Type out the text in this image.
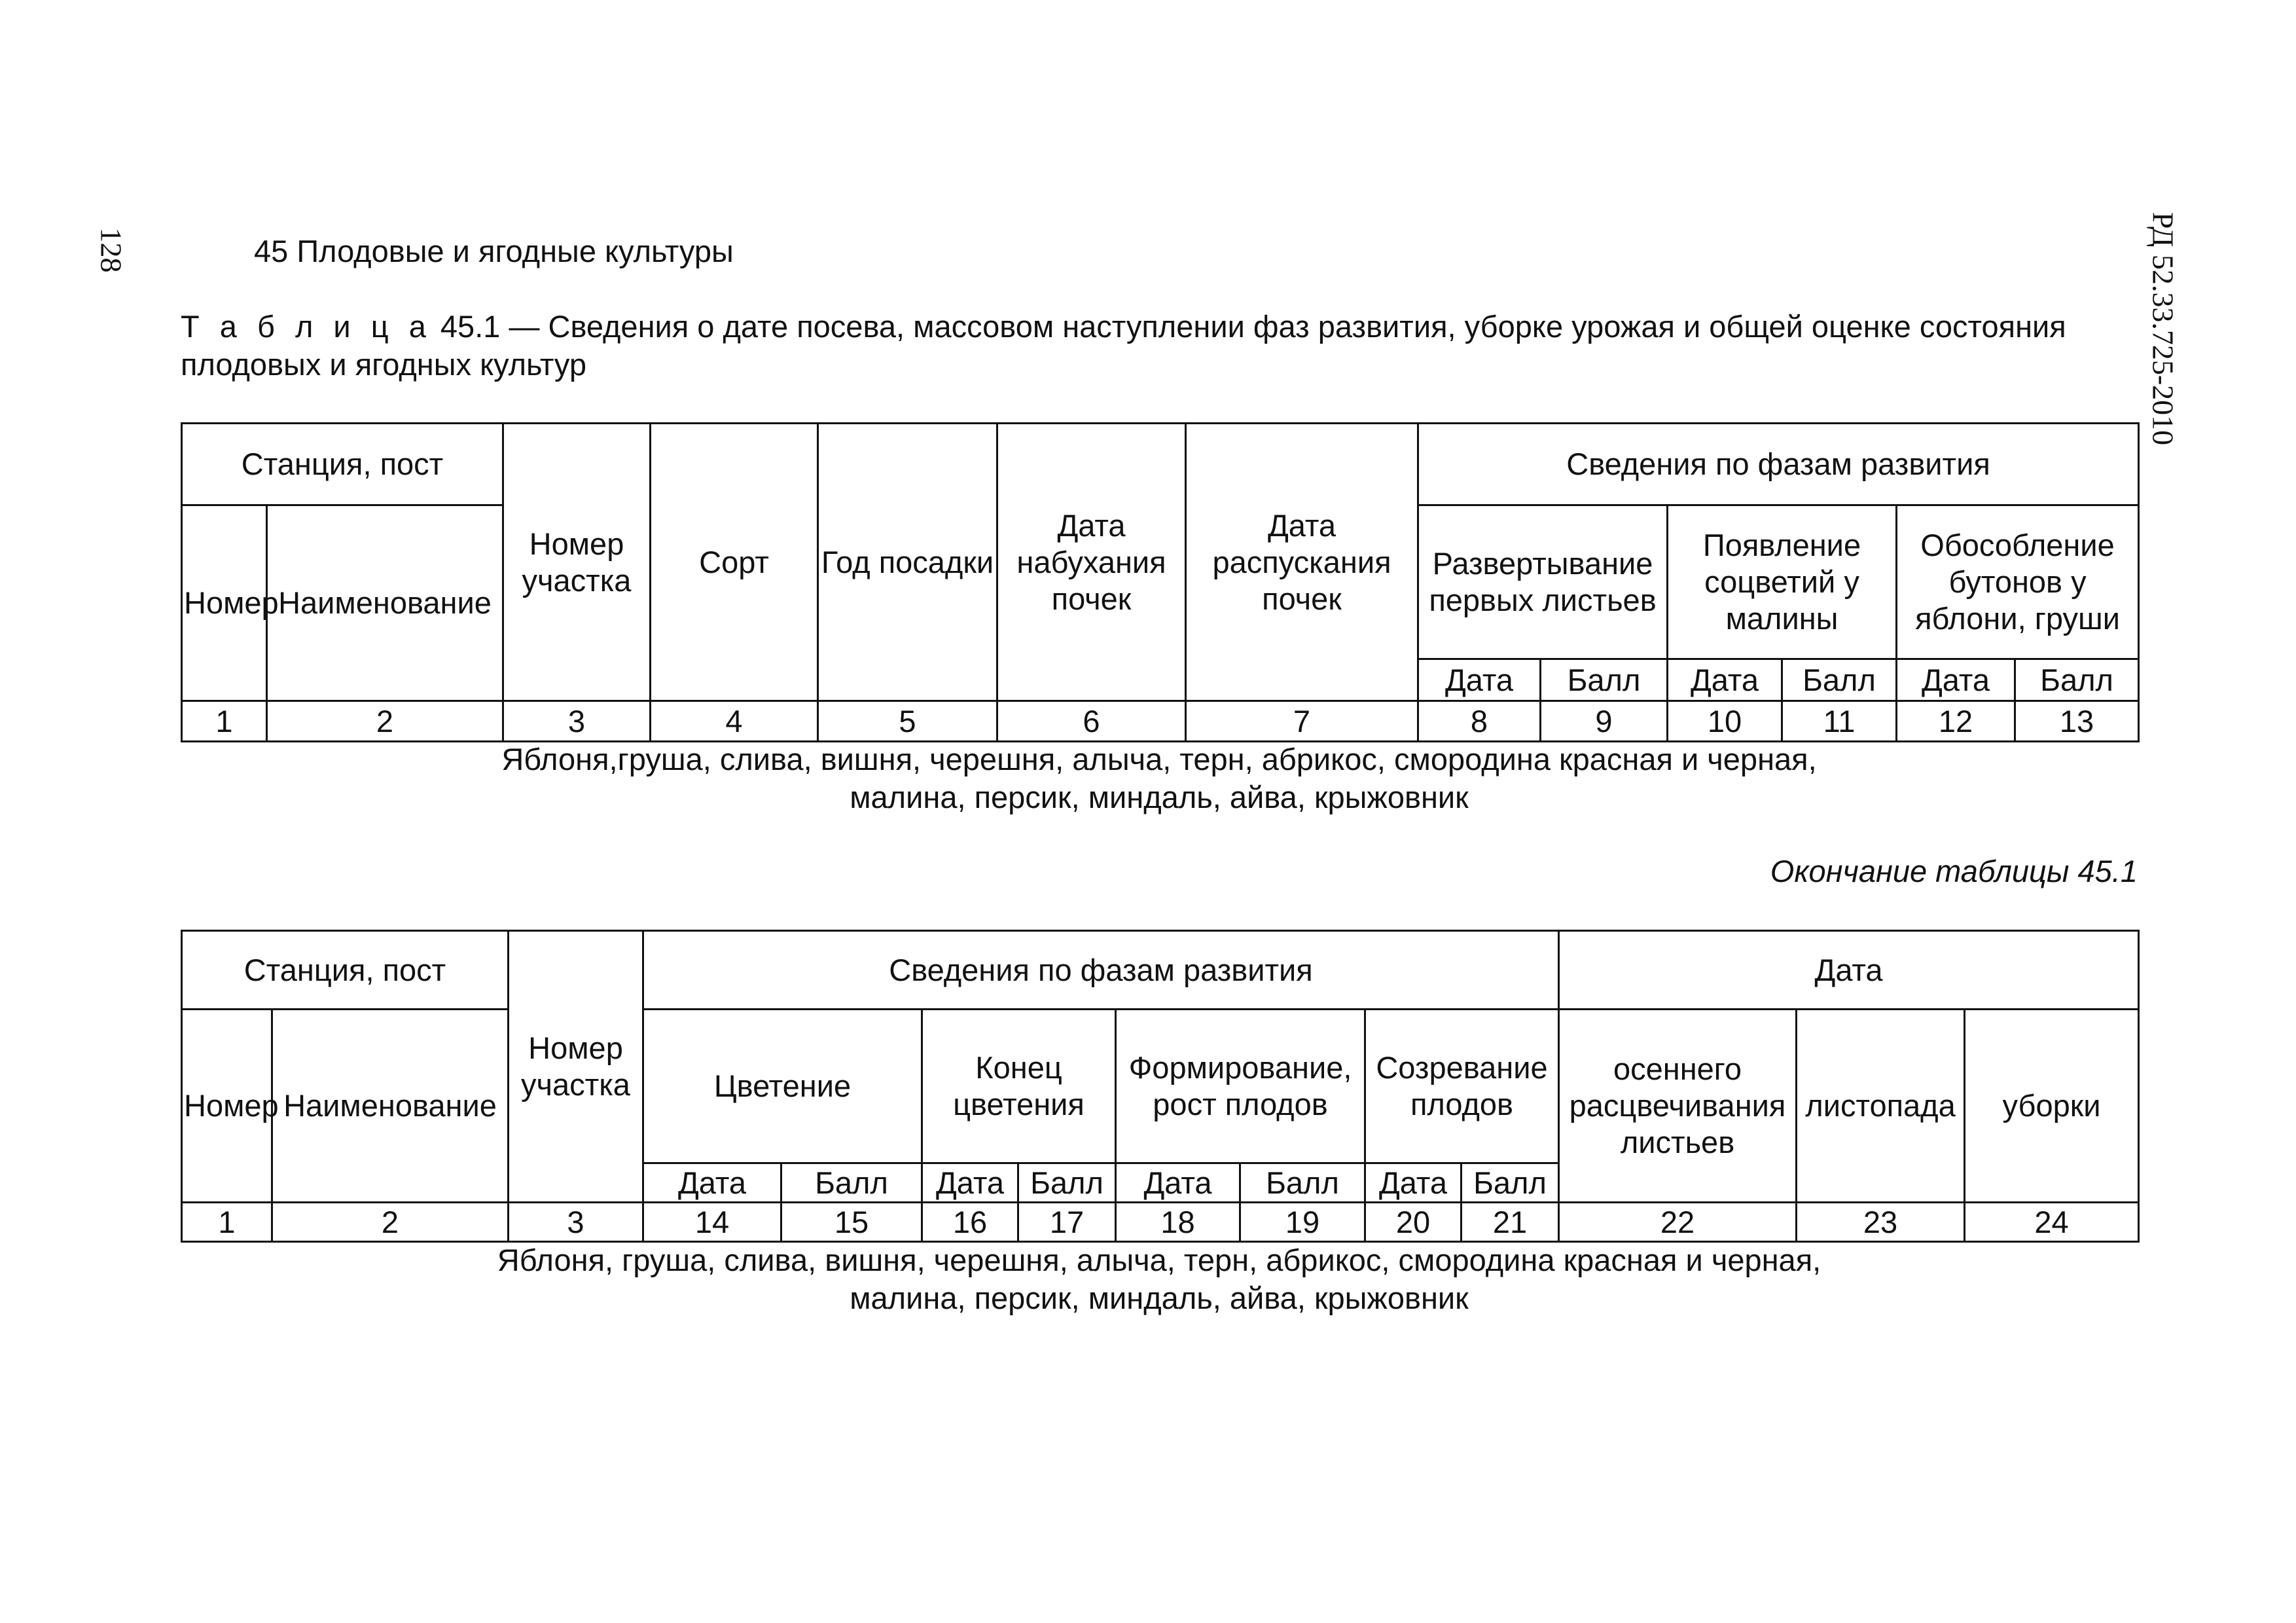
128	РД 52.33.725-2010
45 Плодовые и ягодные культуры
Т а б л и ц а 45.1 — Сведения о дате посева, массовом наступлении фаз развития, уборке урожая и общей оценке состояния плодовых и ягодных культур
Станция, пост		Номер участка	Сорт	Год посадки	Дата набухания почек	Дата распускания почек	Сведения по фазам развития					
Номер	Наименование						Развертывание первых листьев		Появление соцветий у малины		Обособление бутонов у яблони, груши	
							Дата	Балл	Дата	Балл	Дата	Балл
1	2	3	4	5	6	7	8	9	10	11	12	13
Яблоня,груша, слива, вишня, черешня, алыча, терн, абрикос, смородина красная и черная,
малина, персик, миндаль, айва, крыжовник
Окончание таблицы 45.1
Станция, пост		Номер участка	Сведения по фазам развития								Дата		
Номер	Наименование		Цветение		Конец цветения		Формирование, рост плодов		Созревание плодов		осеннего расцвечивания листьев	листопада	уборки
			Дата	Балл	Дата	Балл	Дата	Балл	Дата	Балл			
1	2	3	14	15	16	17	18	19	20	21	22	23	24
Яблоня, груша, слива, вишня, черешня, алыча, терн, абрикос, смородина красная и черная,
малина, персик, миндаль, айва, крыжовник
